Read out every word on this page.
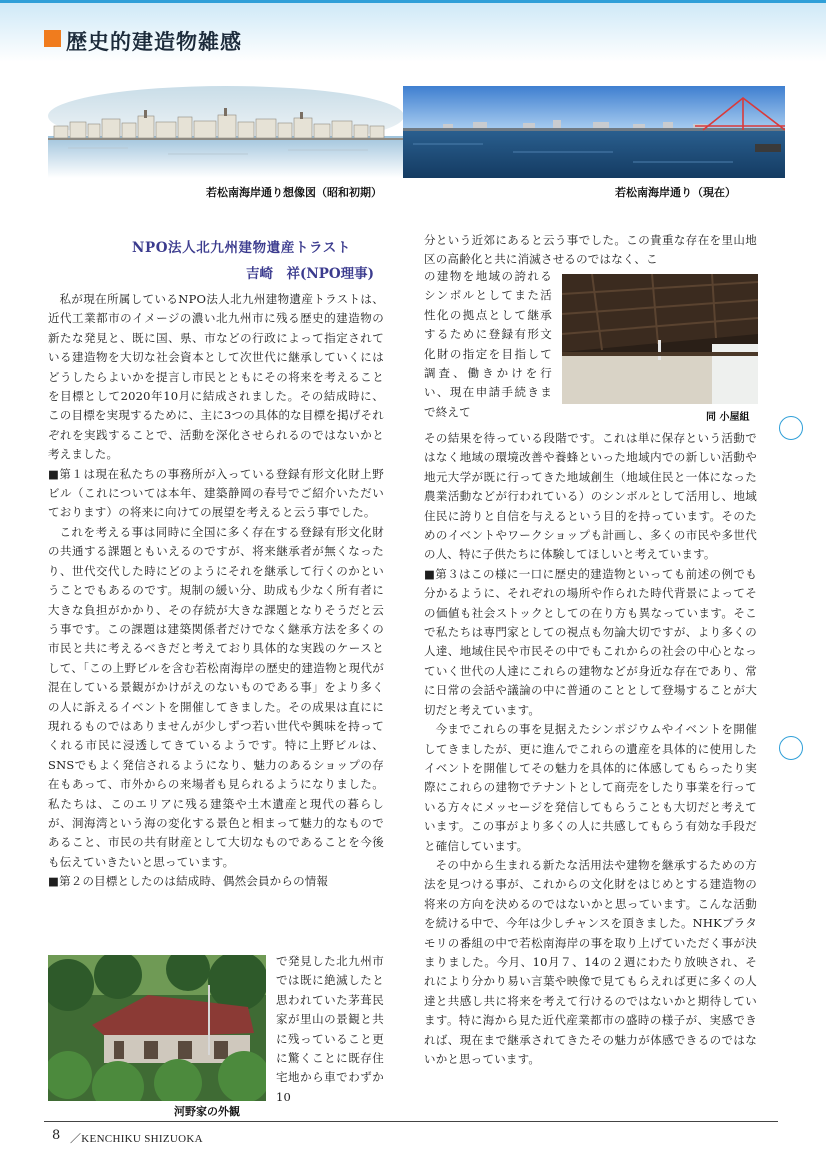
歴史的建造物雑感
若松南海岸通り想像図（昭和初期）	若松南海岸通り（現在）
NPO法人北九州建物遺産トラスト
吉崎　祥(NPO理事)

私が現在所属しているNPO法人北九州建物遺産トラストは、近代工業都市のイメージの濃い北九州市に残る歴史的建造物の新たな発見と、既に国、県、市などの行政によって指定されている建造物を大切な社会資本として次世代に継承していくにはどうしたらよいかを提言し市民とともにその将来を考えることを目標として2020年10月に結成されました。その結成時に、この目標を実現するために、主に3つの具体的な目標を掲げそれぞれを実践することで、活動を深化させられるのではないかと考えました。

■第１は現在私たちの事務所が入っている登録有形文化財上野ビル（これについては本年、建築静岡の春号でご紹介いただいております）の将来に向けての展望を考えると云う事でした。

これを考える事は同時に全国に多く存在する登録有形文化財の共通する課題ともいえるのですが、将来継承者が無くなったり、世代交代した時にどのようにそれを継承して行くのかということでもあるのです。規制の緩い分、助成も少なく所有者に大きな負担がかかり、その存続が大きな課題となりそうだと云う事です。この課題は建築関係者だけでなく継承方法を多くの市民と共に考えるべきだと考えており具体的な実践のケースとして、「この上野ビルを含む若松南海岸の歴史的建造物と現代が混在している景観がかけがえのないものである事」をより多くの人に訴えるイベントを開催してきました。その成果は直にに現れるものではありませんが少しずつ若い世代や興味を持ってくれる市民に浸透してきているようです。特に上野ビルは、SNSでもよく発信されるようになり、魅力のあるショップの存在もあって、市外からの来場者も見られるようになりました。私たちは、このエリアに残る建築や土木遺産と現代の暮らしが、洞海湾という海の変化する景色と相まって魅力的なものであること、市民の共有財産として大切なものであることを今後も伝えていきたいと思っています。

■第２の目標としたのは結成時、偶然会員からの情報

河野家の外観
で発見した北九州市では既に絶滅したと思われていた茅葺民家が里山の景観と共に残っていること更に驚くことに既存住宅地から車でわずか10
分という近郊にあると云う事でした。この貴重な存在を里山地区の高齢化と共に消滅させるのではなく、こ
の建物を地域の誇れるシンボルとしてまた活性化の拠点として継承するために登録有形文化財の指定を目指して調査、働きかけを行い、現在申請手続きまで終えて	同 小屋組

その結果を待っている段階です。これは単に保存という活動ではなく地域の環境改善や養蜂といった地域内での新しい活動や地元大学が既に行ってきた地域創生（地域住民と一体になった農業活動などが行われている）のシンボルとして活用し、地域住民に誇りと自信を与えるという目的を持っています。そのためのイベントやワークショップも計画し、多くの市民や多世代の人、特に子供たちに体験してほしいと考えています。

■第３はこの様に一口に歴史的建造物といっても前述の例でも分かるように、それぞれの場所や作られた時代背景によってその価値も社会ストックとしての在り方も異なっています。そこで私たちは専門家としての視点も勿論大切ですが、より多くの人達、地域住民や市民その中でもこれからの社会の中心となっていく世代の人達にこれらの建物などが身近な存在であり、常に日常の会話や議論の中に普通のこととして登場することが大切だと考えています。

今までこれらの事を見据えたシンポジウムやイベントを開催してきましたが、更に進んでこれらの遺産を具体的に使用したイベントを開催してその魅力を具体的に体感してもらったり実際にこれらの建物でテナントとして商売をしたり事業を行っている方々にメッセージを発信してもらうことも大切だと考えています。この事がより多くの人に共感してもらう有効な手段だと確信しています。

その中から生まれる新たな活用法や建物を継承するための方法を見つける事が、これからの文化財をはじめとする建造物の将来の方向を決めるのではないかと思っています。こんな活動を続ける中で、今年は少しチャンスを頂きました。NHKブラタモリの番組の中で若松南海岸の事を取り上げていただく事が決まりました。今月、10月７、14の２週にわたり放映され、それにより分かり易い言葉や映像で見てもらえれば更に多くの人達と共感し共に将来を考えて行けるのではないかと期待しています。特に海から見た近代産業都市の盛時の様子が、実感できれば、現在まで継承されてきたその魅力が体感できるのではないかと思っています。

8 ／KENCHIKU SHIZUOKA
